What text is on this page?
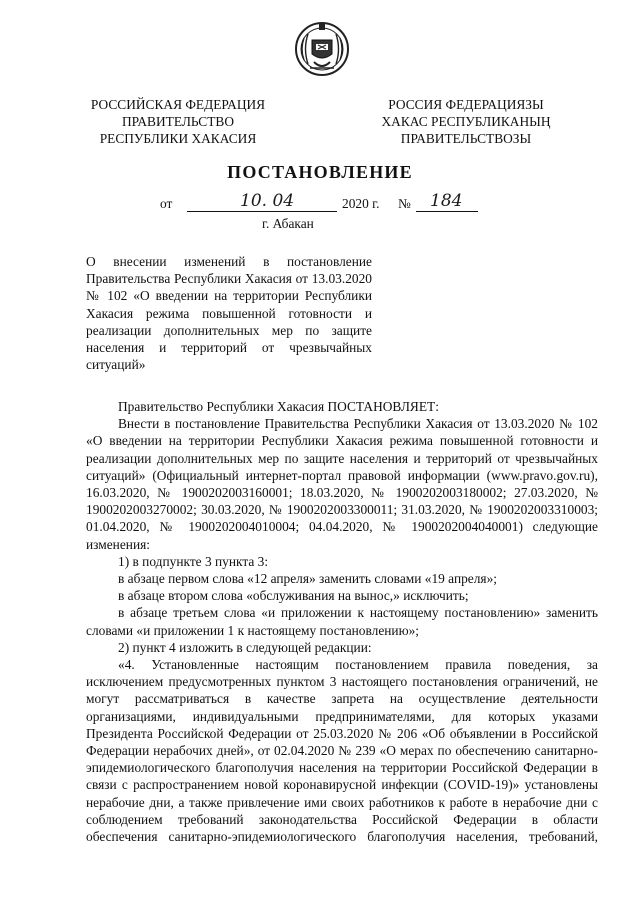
РОССИЙСКАЯ ФЕДЕРАЦИЯ
ПРАВИТЕЛЬСТВО
РЕСПУБЛИКИ ХАКАСИЯ
РОССИЯ ФЕДЕРАЦИЯЗЫ
ХАКАС РЕСПУБЛИКАНЫҢ
ПРАВИТЕЛЬСТВОЗЫ
ПОСТАНОВЛЕНИЕ
от	10. 04	2020 г. № 184
г. Абакан

О внесении изменений в постановление Правительства Республики Хакасия от 13.03.2020 № 102 «О введении на территории Республики Хакасия режима повышенной готовности и реализации дополнительных мер по защите населения и территорий от чрезвычайных ситуаций»

Правительство Республики Хакасия ПОСТАНОВЛЯЕТ:

Внести в постановление Правительства Республики Хакасия от 13.03.2020 № 102 «О введении на территории Республики Хакасия режима повышенной готовности и реализации дополнительных мер по защите населения и территорий от чрезвычайных ситуаций» (Официальный интернет-портал правовой информации (www.pravo.gov.ru), 16.03.2020, № 1900202003160001; 18.03.2020, № 1900202003180002; 27.03.2020, № 1900202003270002; 30.03.2020, № 1900202003300011; 31.03.2020, № 1900202003310003; 01.04.2020, № 1900202004010004; 04.04.2020, № 1900202004040001) следующие изменения:

1) в подпункте 3 пункта 3:

в абзаце первом слова «12 апреля» заменить словами «19 апреля»;

в абзаце втором слова «обслуживания на вынос,» исключить;

в абзаце третьем слова «и приложении к настоящему постановлению» заменить словами «и приложении 1 к настоящему постановлению»;

2) пункт 4 изложить в следующей редакции:

«4. Установленные настоящим постановлением правила поведения, за исключением предусмотренных пунктом 3 настоящего постановления ограничений, не могут рассматриваться в качестве запрета на осуществление деятельности организациями, индивидуальными предпринимателями, для которых указами Президента Российской Федерации от 25.03.2020 № 206 «Об объявлении в Российской Федерации нерабочих дней», от 02.04.2020 № 239 «О мерах по обеспечению санитарно-эпидемиологического благополучия населения на территории Российской Федерации в связи с распространением новой коронавирусной инфекции (COVID-19)» установлены нерабочие дни, а также привлечение ими своих работников к работе в нерабочие дни с соблюдением требований законодательства Российской Федерации в области обеспечения санитарно-эпидемиологического благополучия населения, требований,
